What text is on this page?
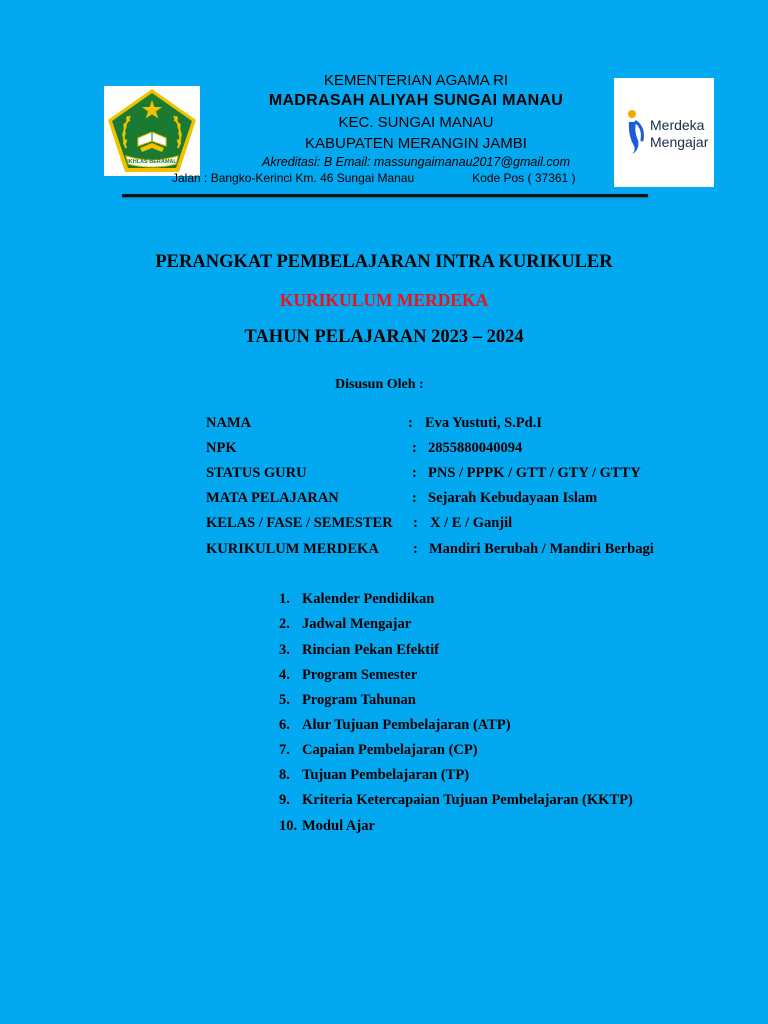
IKHLAS BERAMAL
Merdeka
Mengajar
KEMENTERIAN AGAMA RI
MADRASAH ALIYAH SUNGAI MANAU
KEC. SUNGAI MANAU
KABUPATEN MERANGIN JAMBI
Akreditasi: B Email: massungaimanau2017@gmail.com
Jalan : Bangko-Kerinci Km. 46 Sungai Manau	Kode Pos ( 37361 )
PERANGKAT PEMBELAJARAN INTRA KURIKULER
KURIKULUM MERDEKA
TAHUN PELAJARAN 2023 – 2024
Disusun Oleh :
NAMA	: Eva Yustuti, S.Pd.I
NPK	: 2855880040094
STATUS GURU	: PNS / PPPK / GTT / GTY / GTTY
MATA PELAJARAN	: Sejarah Kebudayaan Islam
KELAS / FASE / SEMESTER : X / E / Ganjil
KURIKULUM MERDEKA : Mandiri Berubah / Mandiri Berbagi
1. Kalender Pendidikan
2. Jadwal Mengajar
3. Rincian Pekan Efektif
4. Program Semester
5. Program Tahunan
6. Alur Tujuan Pembelajaran (ATP)
7. Capaian Pembelajaran (CP)
8. Tujuan Pembelajaran (TP)
9. Kriteria Ketercapaian Tujuan Pembelajaran (KKTP)
10. Modul Ajar
